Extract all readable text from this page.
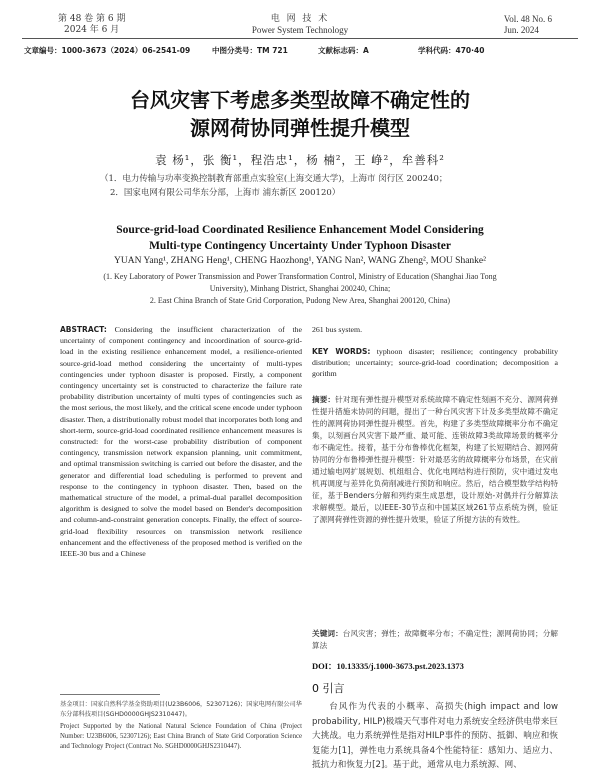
第 48 卷 第 6 期
2024 年 6 月
电 网 技 术
Power System Technology
Vol. 48 No. 6
Jun. 2024
文章编号：1000-3673（2024）06-2541-09	中图分类号：TM 721	文献标志码：A	学科代码：470·40
台风灾害下考虑多类型故障不确定性的
源网荷协同弹性提升模型
袁 杨¹，张 衡¹，程浩忠¹，杨 楠²，王 峥²，牟善科²
（1．电力传输与功率变换控制教育部重点实验室(上海交通大学)，上海市 闵行区 200240；
2．国家电网有限公司华东分部，上海市 浦东新区 200120）
Source-grid-load Coordinated Resilience Enhancement Model Considering
Multi-type Contingency Uncertainty Under Typhoon Disaster
YUAN Yang¹, ZHANG Heng¹, CHENG Haozhong¹, YANG Nan², WANG Zheng², MOU Shanke²
(1. Key Laboratory of Power Transmission and Power Transformation Control, Ministry of Education (Shanghai Jiao Tong
University), Minhang District, Shanghai 200240, China;
2. East China Branch of State Grid Corporation, Pudong New Area, Shanghai 200120, China)

ABSTRACT: Considering the insufficient characterization of the uncertainty of component contingency and incoordination of source-grid-load in the existing resilience enhancement model, a resilience-oriented source-grid-load method considering the uncertainty of multi-types contingencies under typhoon disaster is proposed. Firstly, a component contingency uncertainty set is constructed to characterize the failure rate probability distribution uncertainty of multi types of contingencies such as the most serious, the most likely, and the critical scene encode under typhoon disaster. Then, a distributionally robust model that incorporates both long and short-term, source-grid-load coordinated resilience enhancement measures is constructed: for the worst-case probability distribution of component contingency, transmission network expansion planning, unit commitment, and optimal transmission switching is carried out before the disaster, and the generator and differential load scheduling is performed to prevent and response to the contingency in typhoon disaster. Then, based on the mathematical structure of the model, a primal-dual parallel decomposition algorithm is designed to solve the model based on Bender's decomposition and column-and-constraint generation concepts. Finally, the effect of source-grid-load flexibility resources on transmission network resilience enhancement and the effectiveness of the proposed method is verified on the IEEE-30 bus and a Chinese

基金项目：国家自然科学基金资助项目(U23B6006，52307126)；国家电网有限公司华东分部科技项目(SGHD0000GHJS2310447)。

Project Supported by the National Natural Science Foundation of China (Project Number: U23B6006, 52307126); East China Branch of State Grid Corporation Science and Technology Project (Contract No. SGHD0000GHJS2310447).

261 bus system.

KEY WORDS: typhoon disaster; resilience; contingency probability distribution; uncertainty; source-grid-load coordination; decomposition a gorithm

摘要：针对现有弹性提升模型对系统故障不确定性刻画不充分、源网荷弹性提升措施未协同的问题，提出了一种台风灾害下计及多类型故障不确定性的源网荷协同弹性提升模型。首先，构建了多类型故障概率分布不确定集，以刻画台风灾害下最严重、最可能、连锁故障3类故障场景的概率分布不确定性。接着，基于分布鲁棒优化框架，构建了长短期结合、源网荷协同的分布鲁棒弹性提升模型：针对最恶劣的故障概率分布场景，在灾前通过输电网扩展规划、机组组合、优化电网结构进行预防，灾中通过发电机再调度与差异化负荷削减进行预防和响应。然后，结合模型数学结构特征，基于Benders分解和列约束生成思想，设计原始-对偶并行分解算法求解模型。最后，以IEEE-30节点和中国某区域261节点系统为例，验证了源网荷弹性资源的弹性提升效果，验证了所提方法的有效性。
关键词：台风灾害；弹性；故障概率分布；不确定性；源网荷协同；分解算法
DOI：10.13335/j.1000-3673.pst.2023.1373
0 引言
台风作为代表的小概率、高损失(high impact and low probability, HILP)极端天气事件对电力系统安全经济供电带来巨大挑战。电力系统弹性是指对HILP事件的预防、抵御、响应和恢复能力[1]，弹性电力系统具备4个性能特征：感知力、适应力、抵抗力和恢复力[2]。基于此，通常从电力系统源、网、
